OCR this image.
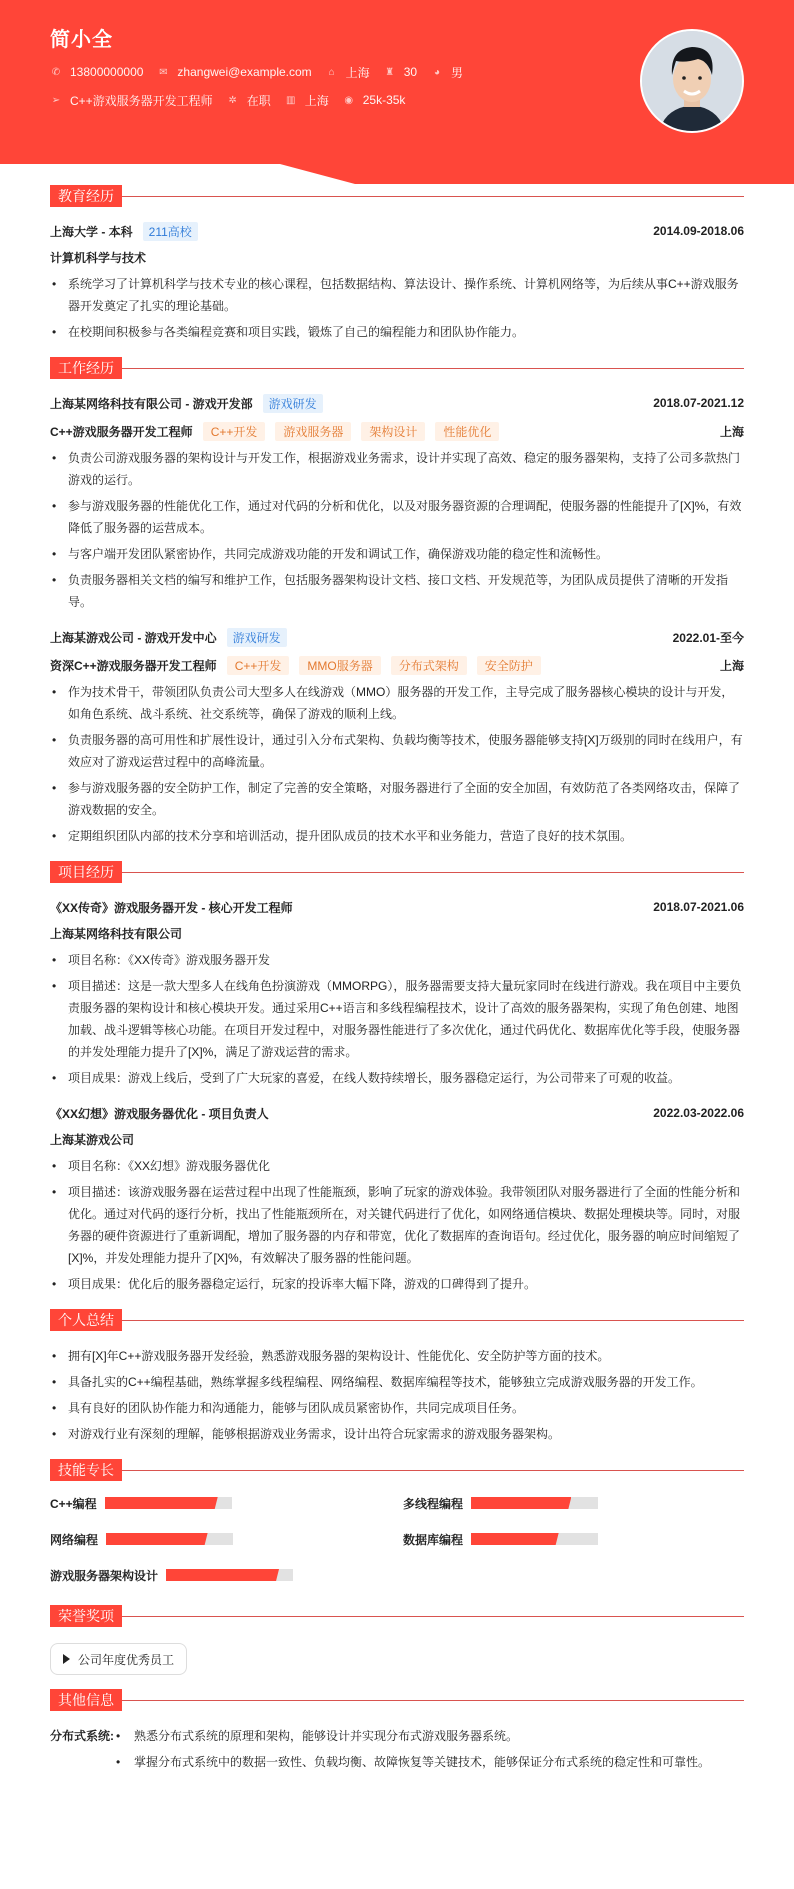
简小全
✆ 13800000000 ✉ zhangwei@example.com ⌂ 上海 ♜ 30 ◕ 男
➢ C++游戏服务器开发工程师 ✲ 在职 ▥ 上海 ◉ 25k-35k
教育经历
上海大学 - 本科	211高校	2014.09-2018.06
计算机科学与技术
• 系统学习了计算机科学与技术专业的核心课程，包括数据结构、算法设计、操作系统、计算机网络等，为后续从事C++游戏服务器开发奠定了扎实的理论基础。
• 在校期间积极参与各类编程竞赛和项目实践，锻炼了自己的编程能力和团队协作能力。
工作经历
上海某网络科技有限公司 - 游戏开发部	游戏研发	2018.07-2021.12
C++游戏服务器开发工程师	C++开发	游戏服务器	架构设计	性能优化	上海
• 负责公司游戏服务器的架构设计与开发工作，根据游戏业务需求，设计并实现了高效、稳定的服务器架构，支持了公司多款热门游戏的运行。
• 参与游戏服务器的性能优化工作，通过对代码的分析和优化，以及对服务器资源的合理调配，使服务器的性能提升了[X]%，有效降低了服务器的运营成本。
• 与客户端开发团队紧密协作，共同完成游戏功能的开发和调试工作，确保游戏功能的稳定性和流畅性。
• 负责服务器相关文档的编写和维护工作，包括服务器架构设计文档、接口文档、开发规范等，为团队成员提供了清晰的开发指导。
上海某游戏公司 - 游戏开发中心	游戏研发	2022.01-至今
资深C++游戏服务器开发工程师	C++开发	MMO服务器	分布式架构	安全防护	上海
• 作为技术骨干，带领团队负责公司大型多人在线游戏（MMO）服务器的开发工作，主导完成了服务器核心模块的设计与开发，如角色系统、战斗系统、社交系统等，确保了游戏的顺利上线。
• 负责服务器的高可用性和扩展性设计，通过引入分布式架构、负载均衡等技术，使服务器能够支持[X]万级别的同时在线用户，有效应对了游戏运营过程中的高峰流量。
• 参与游戏服务器的安全防护工作，制定了完善的安全策略，对服务器进行了全面的安全加固，有效防范了各类网络攻击，保障了游戏数据的安全。
• 定期组织团队内部的技术分享和培训活动，提升团队成员的技术水平和业务能力，营造了良好的技术氛围。
项目经历
《XX传奇》游戏服务器开发 - 核心开发工程师	2018.07-2021.06
上海某网络科技有限公司
• 项目名称：《XX传奇》游戏服务器开发
• 项目描述：这是一款大型多人在线角色扮演游戏（MMORPG），服务器需要支持大量玩家同时在线进行游戏。我在项目中主要负责服务器的架构设计和核心模块开发。通过采用C++语言和多线程编程技术，设计了高效的服务器架构，实现了角色创建、地图加载、战斗逻辑等核心功能。在项目开发过程中，对服务器性能进行了多次优化，通过代码优化、数据库优化等手段，使服务器的并发处理能力提升了[X]%，满足了游戏运营的需求。
• 项目成果：游戏上线后，受到了广大玩家的喜爱，在线人数持续增长，服务器稳定运行，为公司带来了可观的收益。
《XX幻想》游戏服务器优化 - 项目负责人	2022.03-2022.06
上海某游戏公司
• 项目名称：《XX幻想》游戏服务器优化
• 项目描述：该游戏服务器在运营过程中出现了性能瓶颈，影响了玩家的游戏体验。我带领团队对服务器进行了全面的性能分析和优化。通过对代码的逐行分析，找出了性能瓶颈所在，对关键代码进行了优化，如网络通信模块、数据处理模块等。同时，对服务器的硬件资源进行了重新调配，增加了服务器的内存和带宽，优化了数据库的查询语句。经过优化，服务器的响应时间缩短了[X]%，并发处理能力提升了[X]%，有效解决了服务器的性能问题。
• 项目成果：优化后的服务器稳定运行，玩家的投诉率大幅下降，游戏的口碑得到了提升。
个人总结
• 拥有[X]年C++游戏服务器开发经验，熟悉游戏服务器的架构设计、性能优化、安全防护等方面的技术。
• 具备扎实的C++编程基础，熟练掌握多线程编程、网络编程、数据库编程等技术，能够独立完成游戏服务器的开发工作。
• 具有良好的团队协作能力和沟通能力，能够与团队成员紧密协作，共同完成项目任务。
• 对游戏行业有深刻的理解，能够根据游戏业务需求，设计出符合玩家需求的游戏服务器架构。
技能专长
C++编程	多线程编程
网络编程	数据库编程
游戏服务器架构设计
荣誉奖项
公司年度优秀员工
其他信息
分布式系统:	• 熟悉分布式系统的原理和架构，能够设计并实现分布式游戏服务器系统。
• 掌握分布式系统中的数据一致性、负载均衡、故障恢复等关键技术，能够保证分布式系统的稳定性和可靠性。
